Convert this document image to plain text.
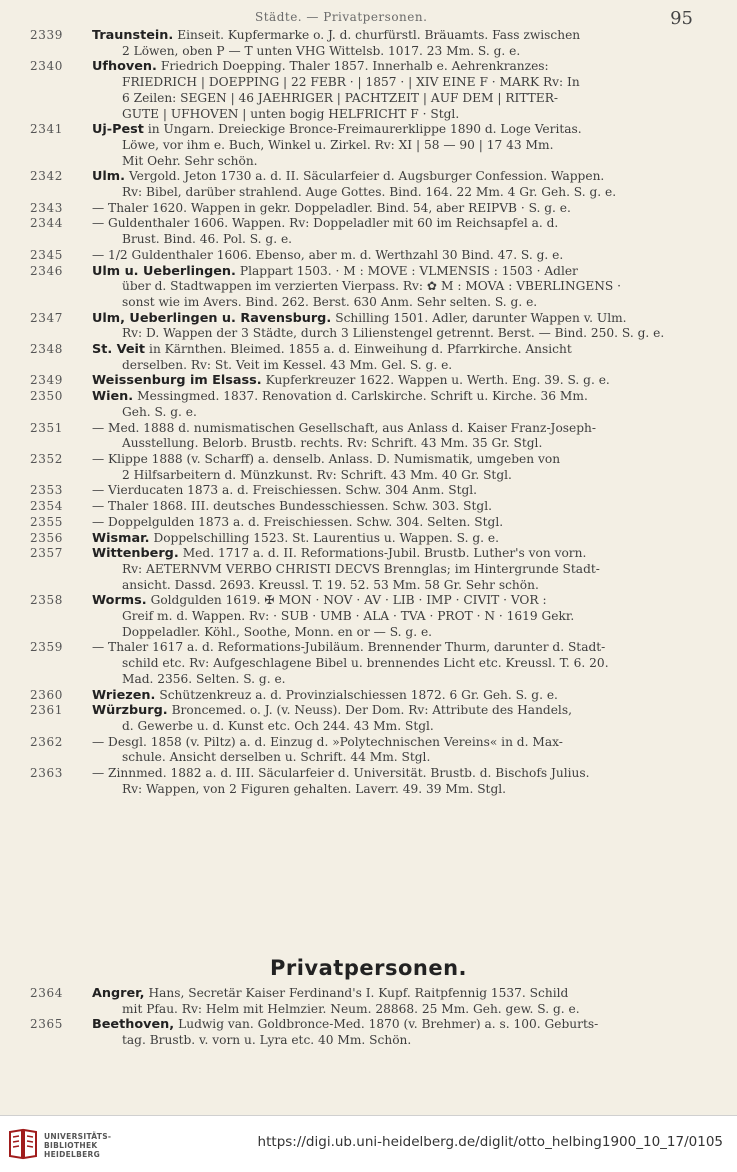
Städte. — Privatpersonen.	95
2339 Traunstein. Einseit. Kupfermarke o. J. d. churfürstl. Bräuamts. Fass zwischen
2 Löwen, oben P — T unten VHG Wittelsb. 1017. 23 Mm. S. g. e.
2340 Ufhoven. Friedrich Doepping. Thaler 1857. Innerhalb e. Aehrenkranzes:
FRIEDRICH | DOEPPING | 22 FEBR · | 1857 · | XIV EINE F · MARK Rv: In
6 Zeilen: SEGEN | 46 JAEHRIGER | PACHTZEIT | AUF DEM | RITTER-
GUTE | UFHOVEN | unten bogig HELFRICHT F · Stgl.
2341 Uj-Pest in Ungarn. Dreieckige Bronce-Freimaurerklippe 1890 d. Loge Veritas.
Löwe, vor ihm e. Buch, Winkel u. Zirkel. Rv: XI | 58 — 90 | 17 43 Mm.
Mit Oehr. Sehr schön.
2342 Ulm. Vergold. Jeton 1730 a. d. II. Säcularfeier d. Augsburger Confession. Wappen.
Rv: Bibel, darüber strahlend. Auge Gottes. Bind. 164. 22 Mm. 4 Gr. Geh. S. g. e.
2343 — Thaler 1620. Wappen in gekr. Doppeladler. Bind. 54, aber REIPVB · S. g. e.
2344 — Guldenthaler 1606. Wappen. Rv: Doppeladler mit 60 im Reichsapfel a. d.
Brust. Bind. 46. Pol. S. g. e.
2345 — 1/2 Guldenthaler 1606. Ebenso, aber m. d. Werthzahl 30 Bind. 47. S. g. e.
2346 Ulm u. Ueberlingen. Plappart 1503. · M : MOVE : VLMENSIS : 1503 · Adler
über d. Stadtwappen im verzierten Vierpass. Rv: ✿ M : MOVA : VBERLINGENS ·
sonst wie im Avers. Bind. 262. Berst. 630 Anm. Sehr selten. S. g. e.
2347 Ulm, Ueberlingen u. Ravensburg. Schilling 1501. Adler, darunter Wappen v. Ulm.
Rv: D. Wappen der 3 Städte, durch 3 Lilienstengel getrennt. Berst. — Bind. 250. S. g. e.
2348 St. Veit in Kärnthen. Bleimed. 1855 a. d. Einweihung d. Pfarrkirche. Ansicht
derselben. Rv: St. Veit im Kessel. 43 Mm. Gel. S. g. e.
2349 Weissenburg im Elsass. Kupferkreuzer 1622. Wappen u. Werth. Eng. 39. S. g. e.
2350 Wien. Messingmed. 1837. Renovation d. Carlskirche. Schrift u. Kirche. 36 Mm.
Geh. S. g. e.
2351 — Med. 1888 d. numismatischen Gesellschaft, aus Anlass d. Kaiser Franz-Joseph-
Ausstellung. Belorb. Brustb. rechts. Rv: Schrift. 43 Mm. 35 Gr. Stgl.
2352 — Klippe 1888 (v. Scharff) a. denselb. Anlass. D. Numismatik, umgeben von
2 Hilfsarbeitern d. Münzkunst. Rv: Schrift. 43 Mm. 40 Gr. Stgl.
2353 — Vierducaten 1873 a. d. Freischiessen. Schw. 304 Anm. Stgl.
2354 — Thaler 1868. III. deutsches Bundesschiessen. Schw. 303. Stgl.
2355 — Doppelgulden 1873 a. d. Freischiessen. Schw. 304. Selten. Stgl.
2356 Wismar. Doppelschilling 1523. St. Laurentius u. Wappen. S. g. e.
2357 Wittenberg. Med. 1717 a. d. II. Reformations-Jubil. Brustb. Luther's von vorn.
Rv: AETERNVM VERBO CHRISTI DECVS Brennglas; im Hintergrunde Stadt-
ansicht. Dassd. 2693. Kreussl. T. 19. 52. 53 Mm. 58 Gr. Sehr schön.
2358 Worms. Goldgulden 1619. ✠ MON · NOV · AV · LIB · IMP · CIVIT · VOR :
Greif m. d. Wappen. Rv: · SUB · UMB · ALA · TVA · PROT · N · 1619 Gekr.
Doppeladler. Köhl., Soothe, Monn. en or — S. g. e.
2359 — Thaler 1617 a. d. Reformations-Jubiläum. Brennender Thurm, darunter d. Stadt-
schild etc. Rv: Aufgeschlagene Bibel u. brennendes Licht etc. Kreussl. T. 6. 20.
Mad. 2356. Selten. S. g. e.
2360 Wriezen. Schützenkreuz a. d. Provinzialschiessen 1872. 6 Gr. Geh. S. g. e.
2361 Würzburg. Broncemed. o. J. (v. Neuss). Der Dom. Rv: Attribute des Handels,
d. Gewerbe u. d. Kunst etc. Och 244. 43 Mm. Stgl.
2362 — Desgl. 1858 (v. Piltz) a. d. Einzug d. »Polytechnischen Vereins« in d. Max-
schule. Ansicht derselben u. Schrift. 44 Mm. Stgl.
2363 — Zinnmed. 1882 a. d. III. Säcularfeier d. Universität. Brustb. d. Bischofs Julius.
Rv: Wappen, von 2 Figuren gehalten. Laverr. 49. 39 Mm. Stgl.
Privatpersonen.
2364 Angrer, Hans, Secretär Kaiser Ferdinand's I. Kupf. Raitpfennig 1537. Schild
mit Pfau. Rv: Helm mit Helmzier. Neum. 28868. 25 Mm. Geh. gew. S. g. e.
2365 Beethoven, Ludwig van. Goldbronce-Med. 1870 (v. Brehmer) a. s. 100. Geburts-
tag. Brustb. v. vorn u. Lyra etc. 40 Mm. Schön.
UNIVERSITÄTS-
BIBLIOTHEK
HEIDELBERG
https://digi.ub.uni-heidelberg.de/diglit/otto_helbing1900_10_17/0105
